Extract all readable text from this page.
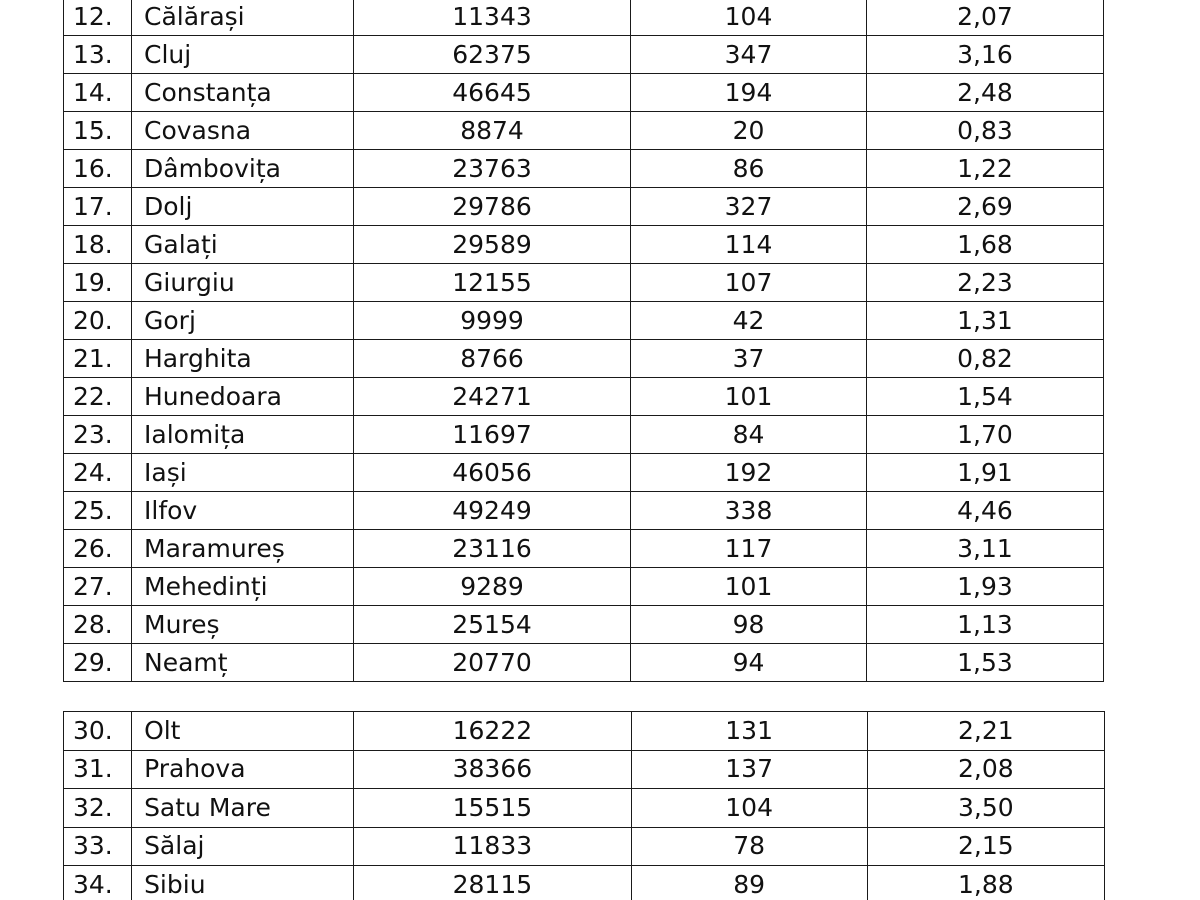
12.	Călărași	11343	104	2,07
13.	Cluj	62375	347	3,16
14.	Constanța	46645	194	2,48
15.	Covasna	8874	20	0,83
16.	Dâmbovița	23763	86	1,22
17.	Dolj	29786	327	2,69
18.	Galați	29589	114	1,68
19.	Giurgiu	12155	107	2,23
20.	Gorj	9999	42	1,31
21.	Harghita	8766	37	0,82
22.	Hunedoara	24271	101	1,54
23.	Ialomița	11697	84	1,70
24.	Iași	46056	192	1,91
25.	Ilfov	49249	338	4,46
26.	Maramureș	23116	117	3,11
27.	Mehedinți	9289	101	1,93
28.	Mureș	25154	98	1,13
29.	Neamț	20770	94	1,53
30.	Olt	16222	131	2,21
31.	Prahova	38366	137	2,08
32.	Satu Mare	15515	104	3,50
33.	Sălaj	11833	78	2,15
34.	Sibiu	28115	89	1,88
